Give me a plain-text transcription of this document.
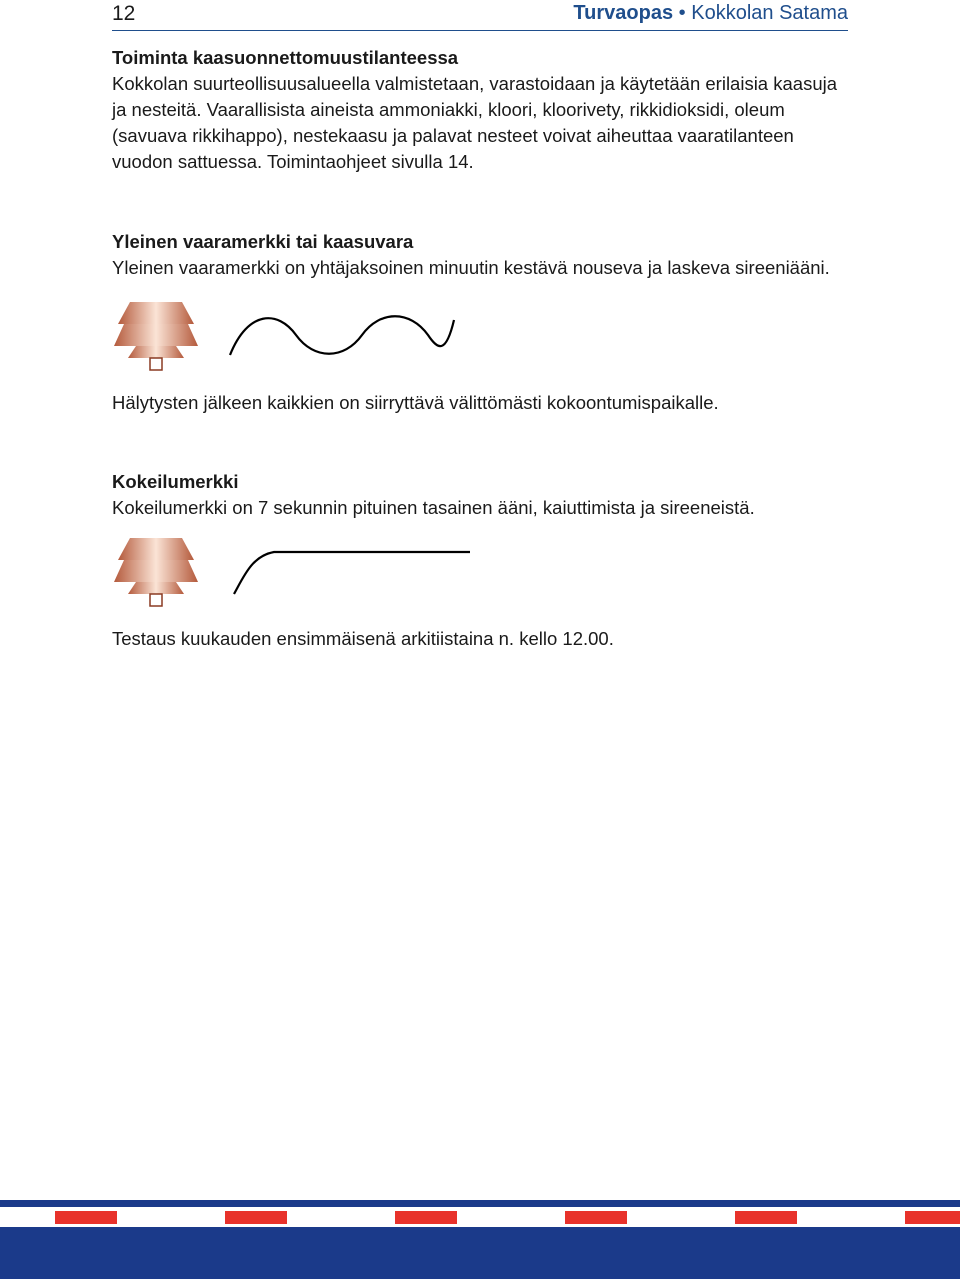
12	Turvaopas • Kokkolan Satama
Toiminta kaasuonnettomuustilanteessa

Kokkolan suurteollisuusalueella valmistetaan, varastoidaan ja käytetään erilaisia kaasuja ja nesteitä. Vaarallisista aineista ammoniakki, kloori, kloorivety, rikkidioksidi, oleum (savuava rikkihappo), nestekaasu ja palavat nesteet voivat aiheuttaa vaaratilanteen vuodon sattuessa. Toimintaohjeet sivulla 14.

Yleinen vaaramerkki tai kaasuvara

Yleinen vaaramerkki on yhtäjaksoinen minuutin kestävä nouseva ja laskeva sireeniääni.

Hälytysten jälkeen kaikkien on siirryttävä välittömästi kokoontumispaikalle.

Kokeilumerkki

Kokeilumerkki on 7 sekunnin pituinen tasainen ääni, kaiuttimista ja sireeneistä.

Testaus kuukauden ensimmäisenä arkitiistaina n. kello 12.00.
